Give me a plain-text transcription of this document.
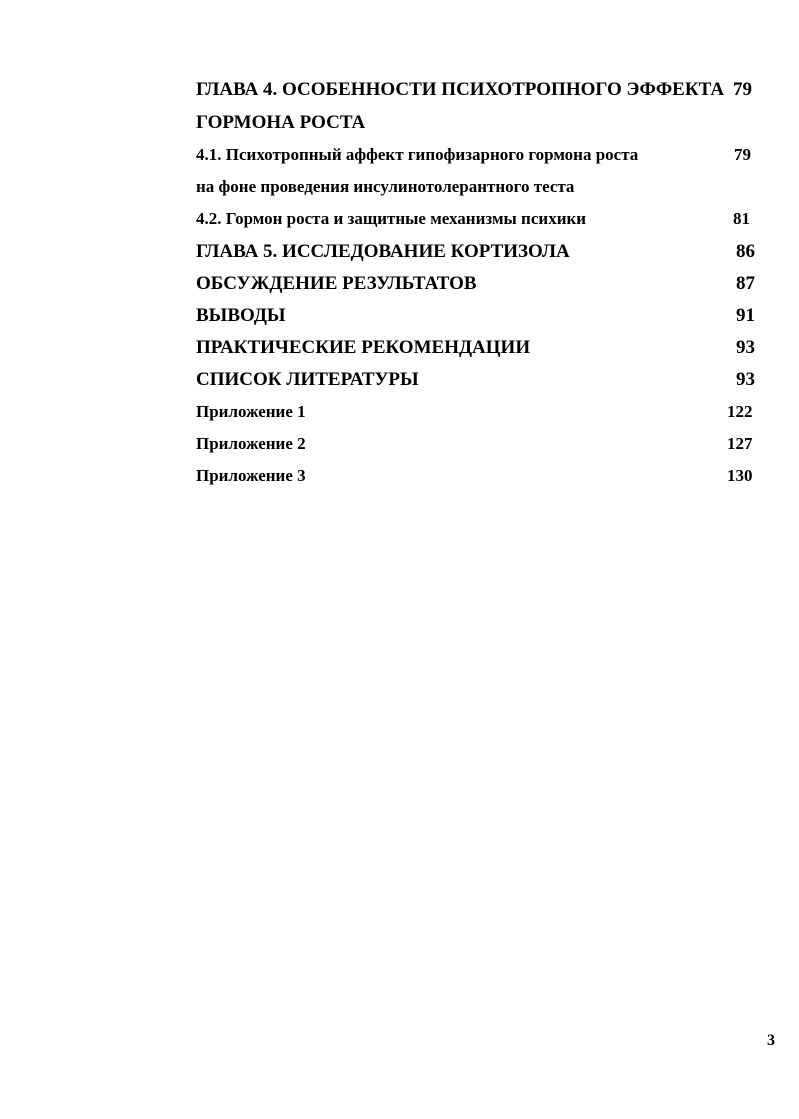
ГЛАВА 4. ОСОБЕННОСТИ ПСИХОТРОПНОГО ЭФФЕКТА 79
ГОРМОНА РОСТА
4.1. Психотропный аффект гипофизарного гормона роста	79
на фоне проведения инсулинотолерантного теста
4.2. Гормон роста и защитные механизмы психики	81
ГЛАВА 5. ИССЛЕДОВАНИЕ КОРТИЗОЛА	86
ОБСУЖДЕНИЕ РЕЗУЛЬТАТОВ	87
ВЫВОДЫ	91
ПРАКТИЧЕСКИЕ РЕКОМЕНДАЦИИ	93
СПИСОК ЛИТЕРАТУРЫ	93
Приложение 1	122
Приложение 2	127
Приложение 3	130
3
